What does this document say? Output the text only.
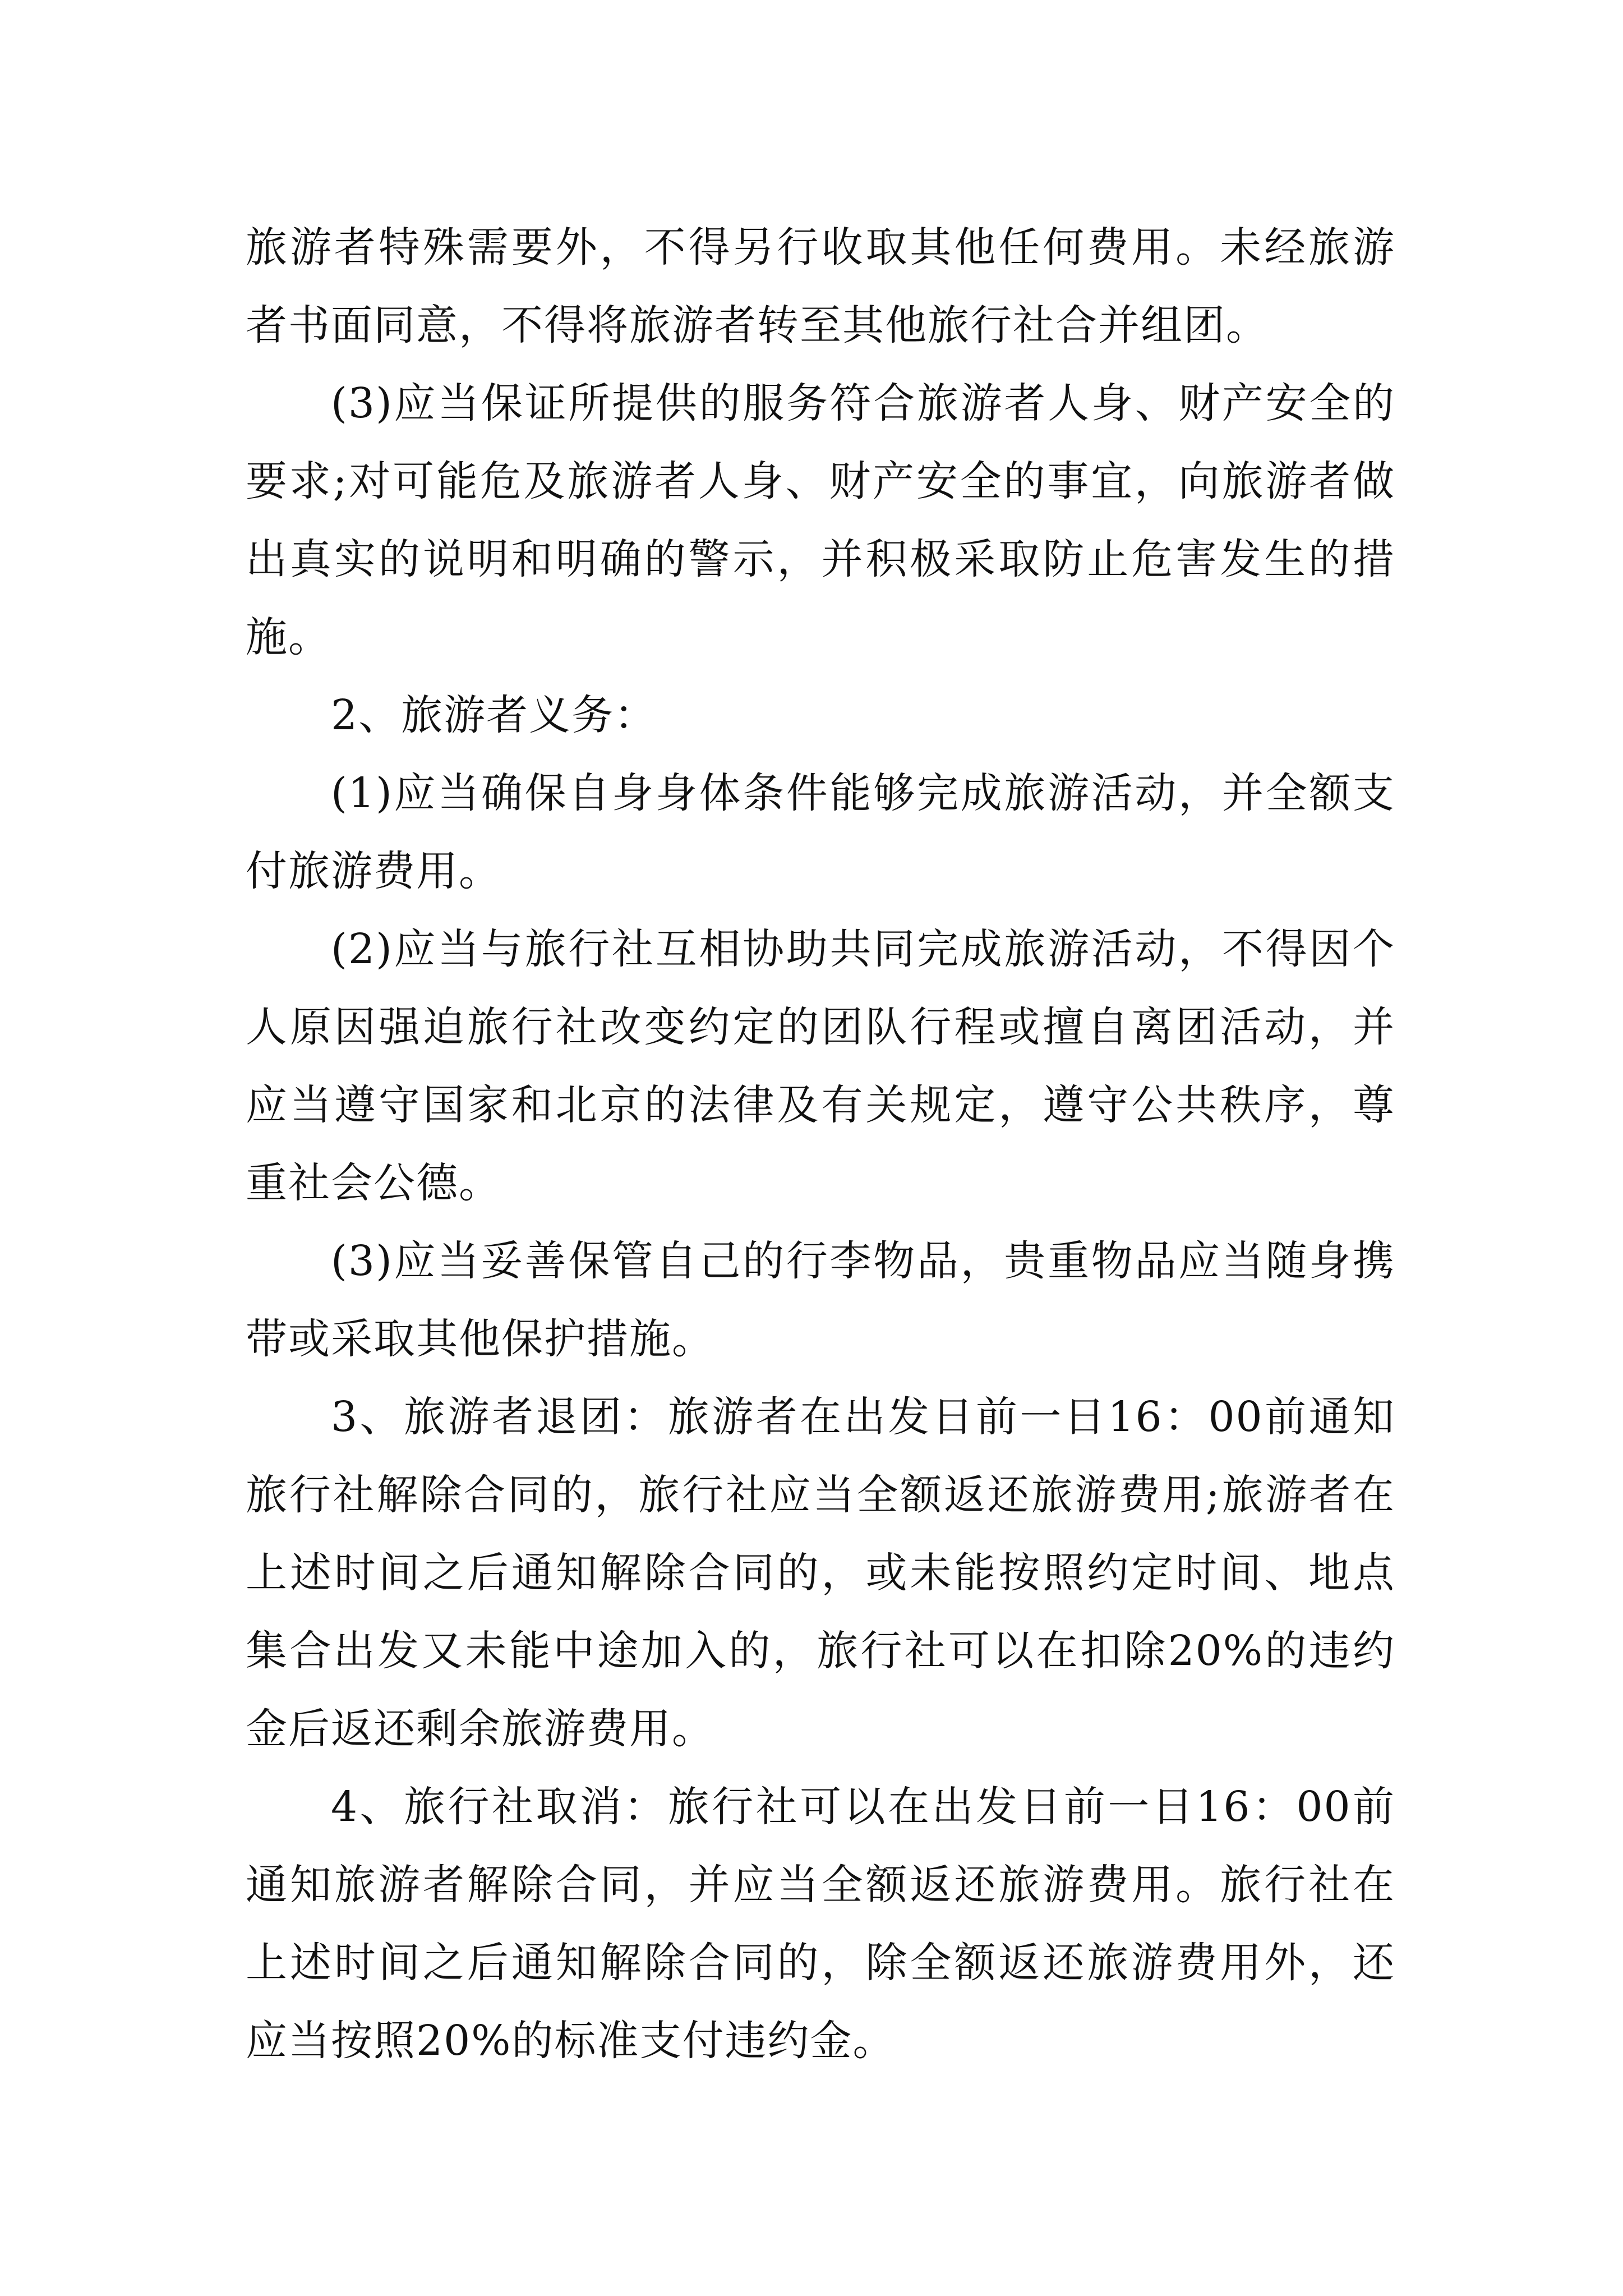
旅游者特殊需要外，不得另行收取其他任何费用。未经旅游者书面同意，不得将旅游者转至其他旅行社合并组团。

(3)应当保证所提供的服务符合旅游者人身、财产安全的要求;对可能危及旅游者人身、财产安全的事宜，向旅游者做出真实的说明和明确的警示，并积极采取防止危害发生的措施。

2、旅游者义务：

(1)应当确保自身身体条件能够完成旅游活动，并全额支付旅游费用。

(2)应当与旅行社互相协助共同完成旅游活动，不得因个人原因强迫旅行社改变约定的团队行程或擅自离团活动，并应当遵守国家和北京的法律及有关规定，遵守公共秩序，尊重社会公德。

(3)应当妥善保管自己的行李物品，贵重物品应当随身携带或采取其他保护措施。

3、旅游者退团：旅游者在出发日前一日16：00前通知旅行社解除合同的，旅行社应当全额返还旅游费用;旅游者在上述时间之后通知解除合同的，或未能按照约定时间、地点集合出发又未能中途加入的，旅行社可以在扣除20%的违约金后返还剩余旅游费用。

4、旅行社取消：旅行社可以在出发日前一日16：00前通知旅游者解除合同，并应当全额返还旅游费用。旅行社在上述时间之后通知解除合同的，除全额返还旅游费用外，还应当按照20%的标准支付违约金。
